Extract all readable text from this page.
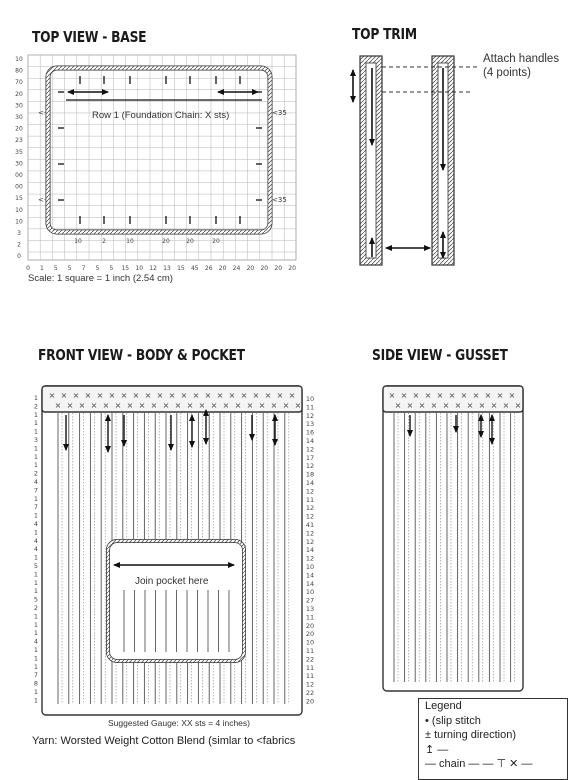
TOP VIEW - BASE	TOP TRIM
FRONT VIEW - BODY & POCKET	SIDE VIEW - GUSSET
10
80
70
20
30
30
20
23
35
30
00
00
15
10
10
3
2
0
0 1 5 5 7 5 5 15 10 12 13 15 45 26 20 24 20 20 20 20
10	2	10	20	20	20
<-	<35
<-	<35
×
×
×
×
×
×
×
×
×
×
×
×
×
×
×
×
×
×
×
×
×
×
×
×
×
×
×
×
×
×
×
×
×
×
×
×
×
×
×
×
×
×
1
2
1
1
1
3
1
1
1
2
4
7
1
7
1
4
1
4
4
1
5
1
1
1
5
2
1
1
1
4
1
1
1
7
8
1
1
10
11
12
13
16
14
12
17
12
18
14
12
11
12
12
41
12
12
14
12
10
14
14
10
27
13
11
20
20
10
11
22
11
11
12
22
20
×
×
×
×
×
×
×
×
×
×
×
×
×
×
×
×
×
×
×
×
×
×
Row 1 (Foundation Chain: X sts)
Scale: 1 square = 1 inch (2.54 cm)
Attach handles (4 points)
Join pocket here
Suggested Gauge: XX sts = 4 inches)
Yarn: Worsted Weight Cotton Blend (simlar to <fabrics
Legend
• (slip stitch
± turning direction)
↥ —
— chain — — ⊤ ✕ —
